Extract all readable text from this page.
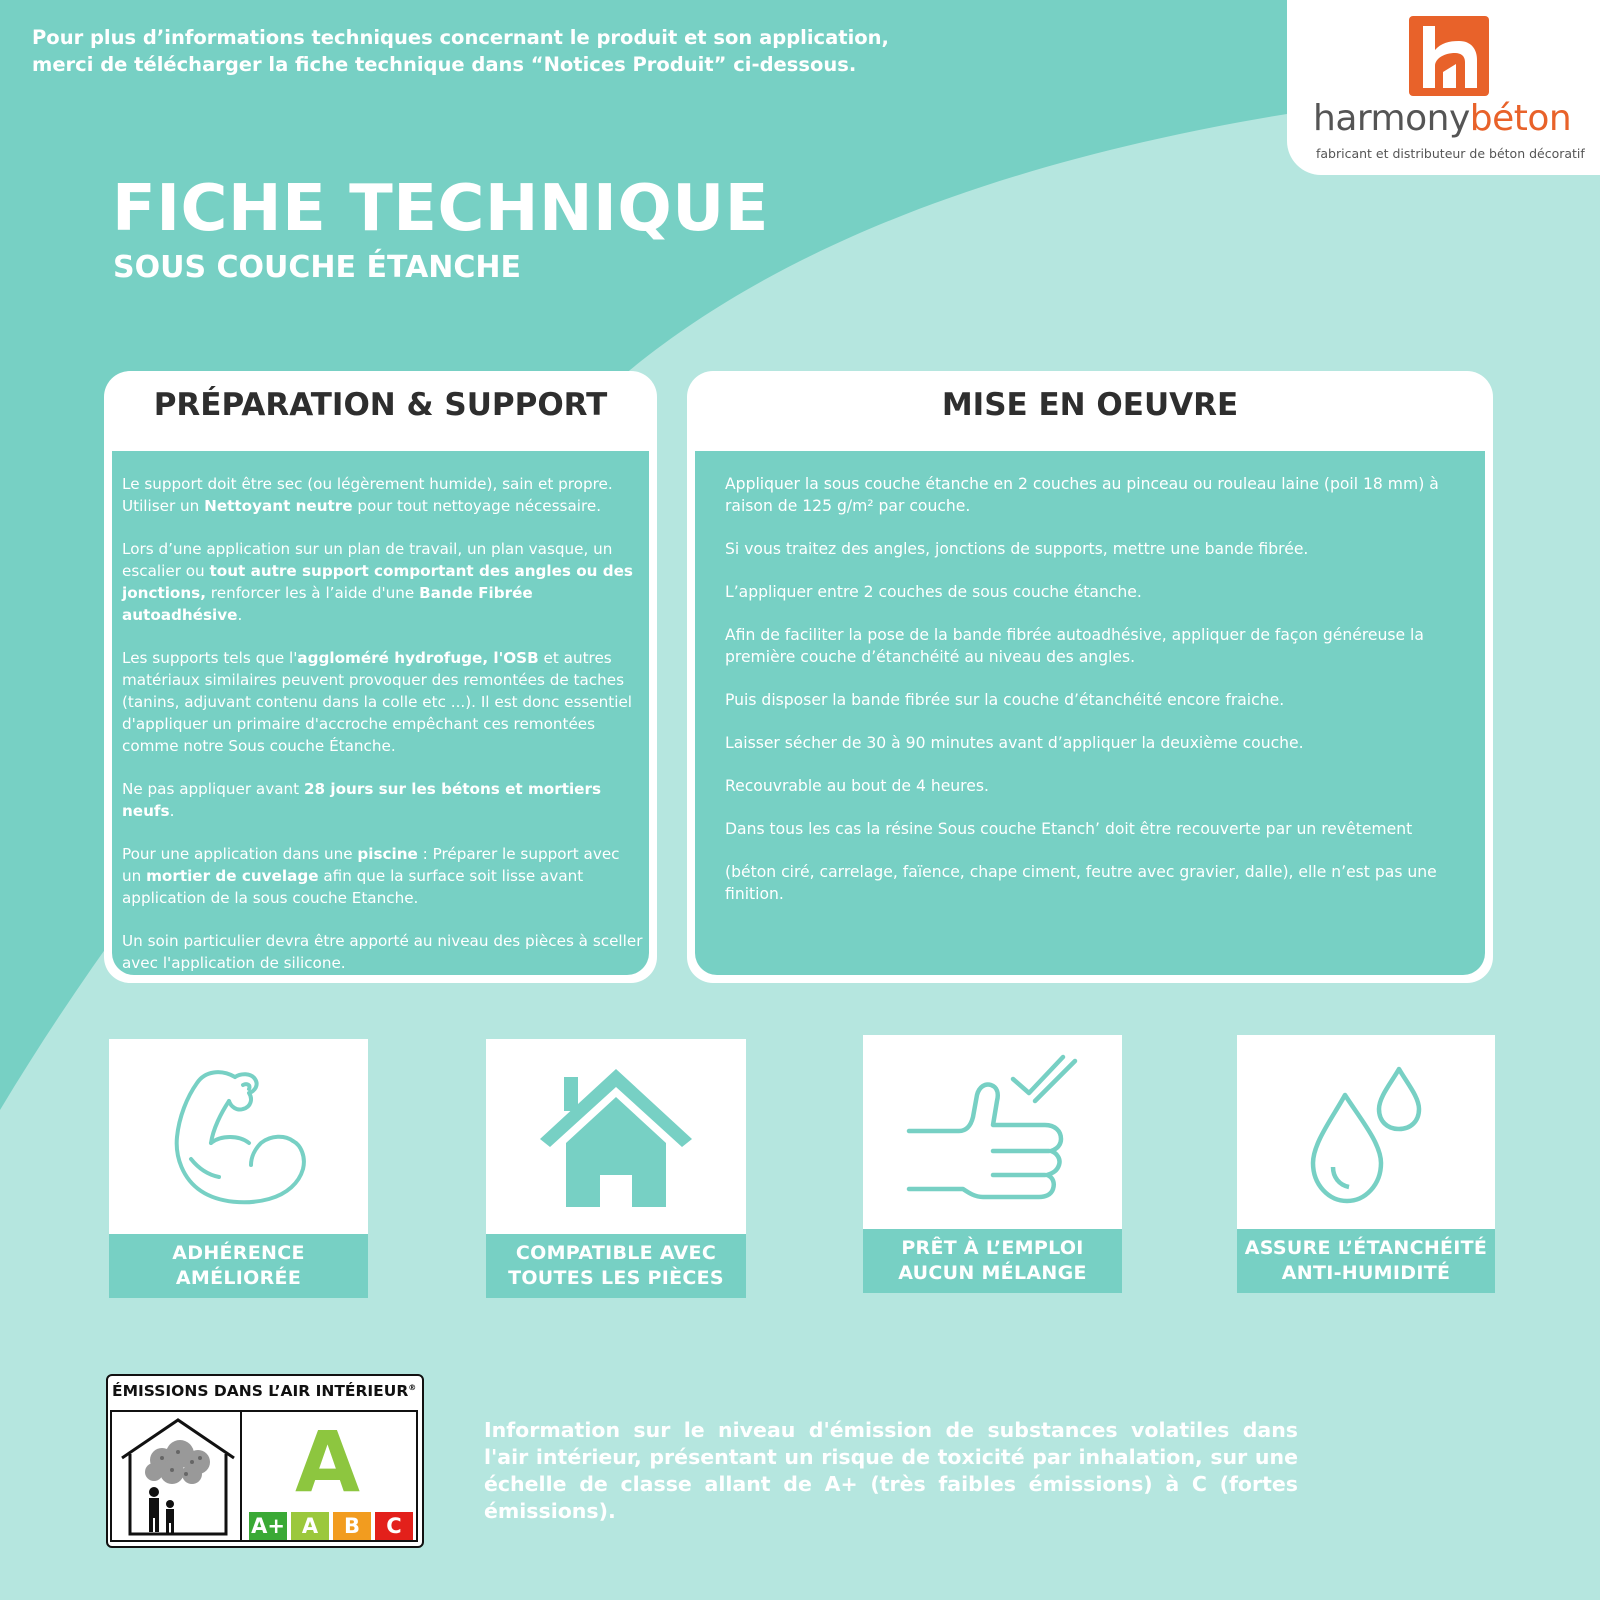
Pour plus d’informations techniques concernant le produit et son application,
merci de télécharger la fiche technique dans “Notices Produit” ci-dessous.
harmonybéton
fabricant et distributeur de béton décoratif
FICHE TECHNIQUE
SOUS COUCHE ÉTANCHE
PRÉPARATION & SUPPORT

Le support doit être sec (ou légèrement humide), sain et propre. Utiliser un Nettoyant neutre pour tout nettoyage nécessaire.

Lors d’une application sur un plan de travail, un plan vasque, un escalier ou tout autre support comportant des angles ou des jonctions, renforcer les à l’aide d'une Bande Fibrée autoadhésive.

Les supports tels que l'aggloméré hydrofuge, l'OSB et autres matériaux similaires peuvent provoquer des remontées de taches (tanins, adjuvant contenu dans la colle etc ...). Il est donc essentiel d'appliquer un primaire d'accroche empêchant ces remontées comme notre Sous couche Étanche.

Ne pas appliquer avant 28 jours sur les bétons et mortiers neufs.

Pour une application dans une piscine : Préparer le support avec un mortier de cuvelage afin que la surface soit lisse avant application de la sous couche Etanche.

Un soin particulier devra être apporté au niveau des pièces à sceller avec l'application de silicone.

MISE EN OEUVRE

Appliquer la sous couche étanche en 2 couches au pinceau ou rouleau laine (poil 18 mm) à raison de 125 g/m² par couche.

Si vous traitez des angles, jonctions de supports, mettre une bande fibrée.

L’appliquer entre 2 couches de sous couche étanche.

Afin de faciliter la pose de la bande fibrée autoadhésive, appliquer de façon généreuse la première couche d’étanchéité au niveau des angles.

Puis disposer la bande fibrée sur la couche d’étanchéité encore fraiche.

Laisser sécher de 30 à 90 minutes avant d’appliquer la deuxième couche.

Recouvrable au bout de 4 heures.

Dans tous les cas la résine Sous couche Etanch’ doit être recouverte par un revêtement

(béton ciré, carrelage, faïence, chape ciment, feutre avec gravier, dalle), elle n’est pas une finition.

ADHÉRENCE
AMÉLIORÉE
COMPATIBLE AVEC
TOUTES LES PIÈCES
PRÊT À L’EMPLOI
AUCUN MÉLANGE
ASSURE L’ÉTANCHÉITÉ
ANTI-HUMIDITÉ
ÉMISSIONS DANS L’AIR INTÉRIEUR®
A
A+ A	B	C
Information sur le niveau d'émission de substances volatiles dans l'air intérieur, présentant un risque de toxicité par inhalation, sur une échelle de classe allant de A+ (très faibles émissions) à C (fortes émissions).
